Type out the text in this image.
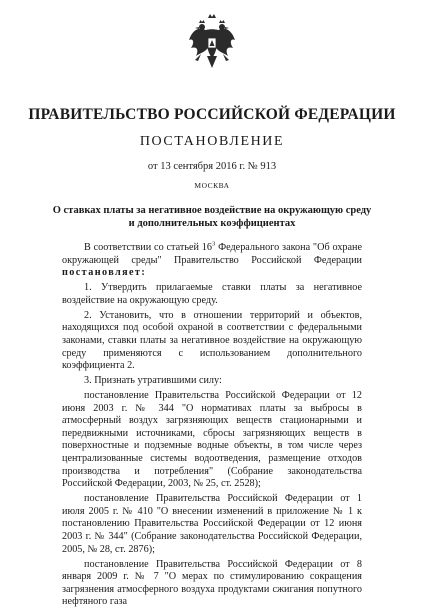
ПРАВИТЕЛЬСТВО РОССИЙСКОЙ ФЕДЕРАЦИИ
ПОСТАНОВЛЕНИЕ
от 13 сентября 2016 г. № 913
МОСКВА
О ставках платы за негативное воздействие на окружающую среду
и дополнительных коэффициентах

В соответствии со статьей $16^3$ Федерального закона "Об охране окружающей среды" Правительство Российской Федерации постановляет:

1. Утвердить прилагаемые ставки платы за негативное воздействие на окружающую среду.

2. Установить, что в отношении территорий и объектов, находящихся под особой охраной в соответствии с федеральными законами, ставки платы за негативное воздействие на окружающую среду применяются с использованием дополнительного коэффициента 2.

3. Признать утратившими силу:

постановление Правительства Российской Федерации от 12 июня 2003 г. № 344 "О нормативах платы за выбросы в атмосферный воздух загрязняющих веществ стационарными и передвижными источниками, сбросы загрязняющих веществ в поверхностные и подземные водные объекты, в том числе через централизованные системы водоотведения, размещение отходов производства и потребления" (Собрание законодательства Российской Федерации, 2003, № 25, ст. 2528);

постановление Правительства Российской Федерации от 1 июля 2005 г. № 410 "О внесении изменений в приложение № 1 к постановлению Правительства Российской Федерации от 12 июня 2003 г. № 344" (Собрание законодательства Российской Федерации, 2005, № 28, ст. 2876);

постановление Правительства Российской Федерации от 8 января 2009 г. № 7 "О мерах по стимулированию сокращения загрязнения атмосферного воздуха продуктами сжигания попутного нефтяного газа
